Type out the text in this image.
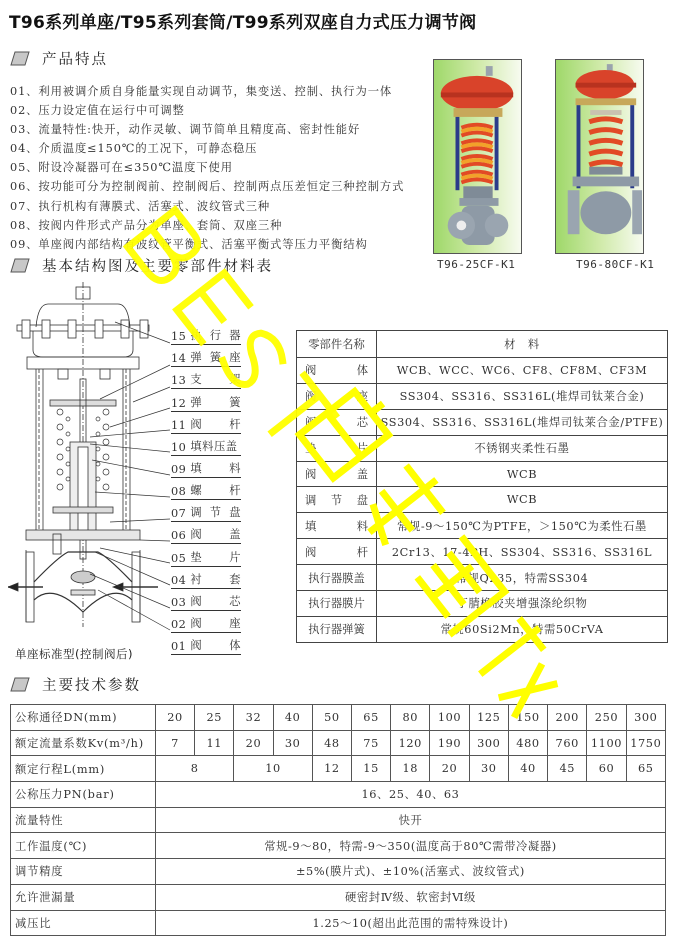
T96系列单座/T95系列套筒/T99系列双座自力式压力调节阀
产品特点
01、利用被调介质自身能量实现自动调节，集变送、控制、执行为一体
02、压力设定值在运行中可调整
03、流量特性:快开，动作灵敏、调节简单且精度高、密封性能好
04、介质温度≤150℃的工况下，可静态稳压
05、附设冷凝器可在≤350℃温度下使用
06、按功能可分为控制阀前、控制阀后、控制两点压差恒定三种控制方式
07、执行机构有薄膜式、活塞式、波纹管式三种
08、按阀内件形式产品分为单座、套筒、双座三种
09、单座阀内部结构有波纹管平衡式、活塞平衡式等压力平衡结构
T96-25CF-K1	T96-80CF-K1
基本结构图及主要零部件材料表
15 执 行 器
14 弹 簧 座
13 支 架
12 弹 簧
11 阀 杆
10 填料压盖
09 填 料
08 螺 杆
07 调 节 盘
06 阀 盖
05 垫 片
04 衬 套
03 阀 芯
02 阀 座
01 阀 体
单座标准型(控制阀后)
零部件名称	材　料

阀 体	WCB、WCC、WC6、CF8、CF8M、CF3M

阀 座	SS304、SS316、SS316L(堆焊司钛莱合金)

阀 芯	SS304、SS316、SS316L(堆焊司钛莱合金/PTFE)

垫 片	不锈钢夹柔性石墨

阀 盖	WCB

调 节 盘	WCB

填 料	常规-9～150℃为PTFE，＞150℃为柔性石墨

阀 杆	2Cr13、17-4PH、SS304、SS316、SS316L
执行器膜盖	常规Q235，特需SS304
执行器膜片	丁腈橡胶夹增强涤纶织物
执行器弹簧	常规60Si2Mn，特需50CrVA
主要技术参数
公称通径DN(mm)	20	25	32	40	50	65	80	100	125	150	200	250	300
额定流量系数Kv(m³/h)	7	11	20	30	48	75	120	190	300	480	760	1100	1750
额定行程L(mm)	8		10		12	15	18	20	30	40	45	60	65
公称压力PN(bar)	16、25、40、63												
流量特性	快开												
工作温度(℃)	常规-9～80，特需-9～350(温度高于80℃需带冷凝器)												
调节精度	±5%(膜片式)、±10%(活塞式、波纹管式)												
允许泄漏量	硬密封Ⅳ级、软密封Ⅵ级												
减压比	1.25～10(超出此范围的需特殊设计)												
